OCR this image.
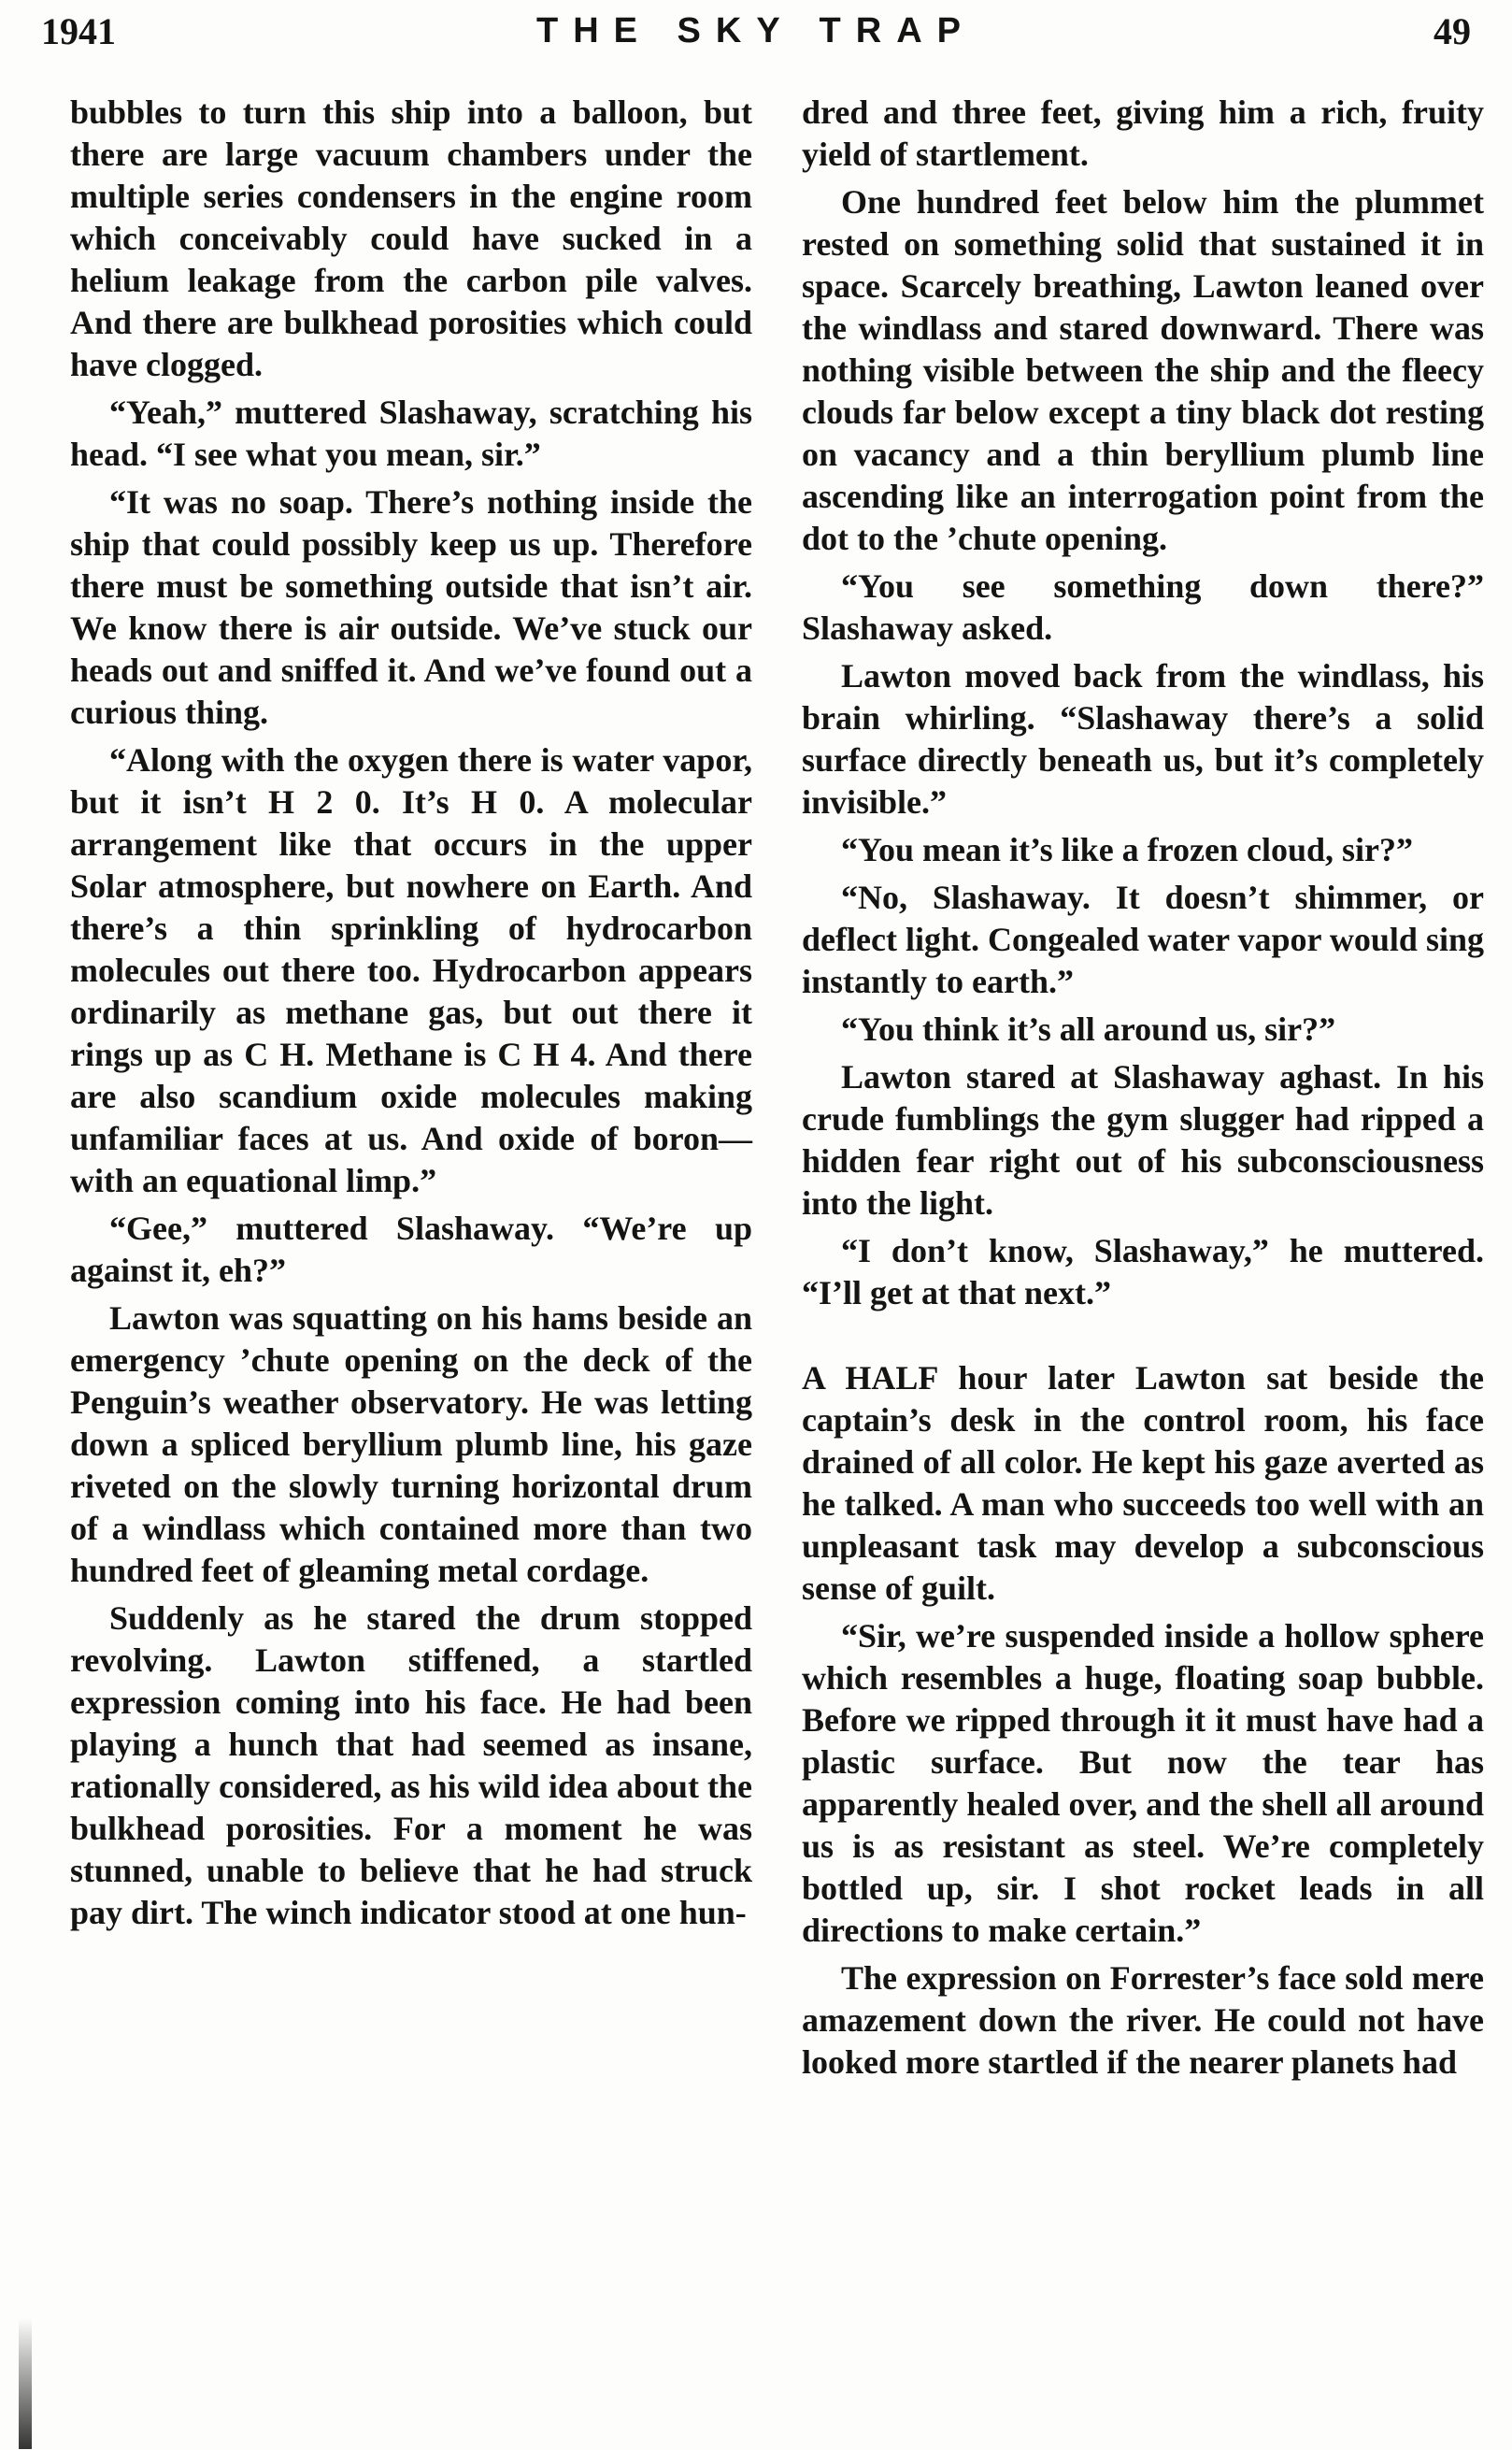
1941	THE SKY TRAP	49

bubbles to turn this ship into a balloon, but there are large vacuum chambers under the multiple series condensers in the engine room which conceivably could have sucked in a helium leakage from the carbon pile valves. And there are bulkhead porosities which could have clogged.

“Yeah,” muttered Slashaway, scratching his head. “I see what you mean, sir.”

“It was no soap. There’s nothing inside the ship that could possibly keep us up. Therefore there must be something outside that isn’t air. We know there is air outside. We’ve stuck our heads out and sniffed it. And we’ve found out a curious thing.

“Along with the oxygen there is water vapor, but it isn’t H 2 0. It’s H 0. A molecular arrangement like that occurs in the upper Solar atmosphere, but nowhere on Earth. And there’s a thin sprinkling of hydrocarbon molecules out there too. Hydrocarbon appears ordinarily as methane gas, but out there it rings up as C H. Methane is C H 4. And there are also scandium oxide molecules making unfamiliar faces at us. And oxide of boron—with an equational limp.”

“Gee,” muttered Slashaway. “We’re up against it, eh?”

Lawton was squatting on his hams beside an emergency ’chute opening on the deck of the Penguin’s weather observatory. He was letting down a spliced beryllium plumb line, his gaze riveted on the slowly turning horizontal drum of a windlass which contained more than two hundred feet of gleaming metal cordage.

Suddenly as he stared the drum stopped revolving. Lawton stiffened, a startled expression coming into his face. He had been playing a hunch that had seemed as insane, rationally considered, as his wild idea about the bulkhead porosities. For a moment he was stunned, unable to believe that he had struck pay dirt. The winch indicator stood at one hun-

dred and three feet, giving him a rich, fruity yield of startlement.

One hundred feet below him the plummet rested on something solid that sustained it in space. Scarcely breathing, Lawton leaned over the windlass and stared downward. There was nothing visible between the ship and the fleecy clouds far below except a tiny black dot resting on vacancy and a thin beryllium plumb line ascending like an interrogation point from the dot to the ’chute opening.

“You see something down there?” Slashaway asked.

Lawton moved back from the windlass, his brain whirling. “Slashaway there’s a solid surface directly beneath us, but it’s completely invisible.”

“You mean it’s like a frozen cloud, sir?”

“No, Slashaway. It doesn’t shimmer, or deflect light. Congealed water vapor would sing instantly to earth.”

“You think it’s all around us, sir?”

Lawton stared at Slashaway aghast. In his crude fumblings the gym slugger had ripped a hidden fear right out of his subconsciousness into the light.

“I don’t know, Slashaway,” he muttered. “I’ll get at that next.”

A HALF hour later Lawton sat beside the captain’s desk in the control room, his face drained of all color. He kept his gaze averted as he talked. A man who succeeds too well with an unpleasant task may develop a subconscious sense of guilt.

“Sir, we’re suspended inside a hollow sphere which resembles a huge, floating soap bubble. Before we ripped through it it must have had a plastic surface. But now the tear has apparently healed over, and the shell all around us is as resistant as steel. We’re completely bottled up, sir. I shot rocket leads in all directions to make certain.”

The expression on Forrester’s face sold mere amazement down the river. He could not have looked more startled if the nearer planets had
